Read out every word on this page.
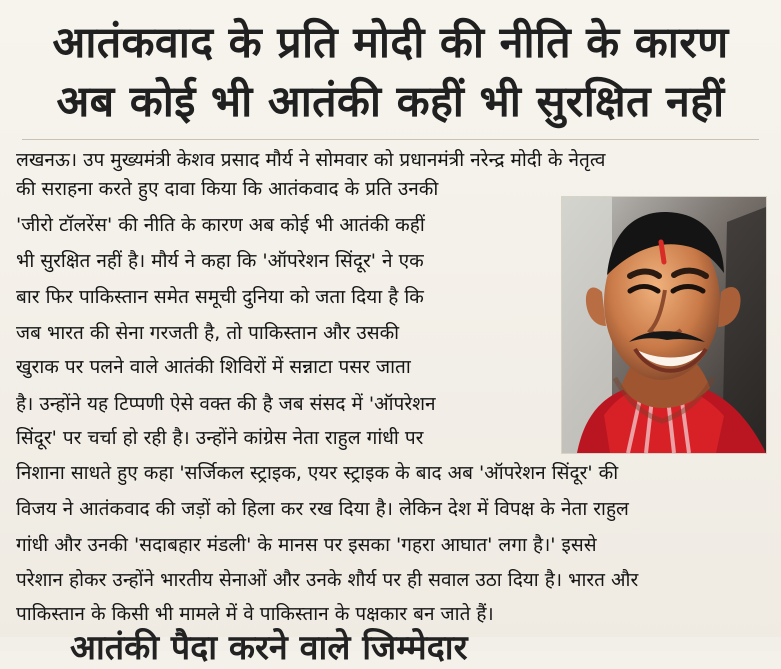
आतंकवाद के प्रति मोदी की नीति के कारण
अब कोई भी आतंकी कहीं भी सुरक्षित नहीं
लखनऊ। उप मुख्यमंत्री केशव प्रसाद मौर्य ने सोमवार को प्रधानमंत्री नरेन्द्र मोदी के नेतृत्व
की सराहना करते हुए दावा किया कि आतंकवाद के प्रति उनकी
'जीरो टॉलरेंस' की नीति के कारण अब कोई भी आतंकी कहीं
भी सुरक्षित नहीं है। मौर्य ने कहा कि 'ऑपरेशन सिंदूर' ने एक
बार फिर पाकिस्तान समेत समूची दुनिया को जता दिया है कि
जब भारत की सेना गरजती है, तो पाकिस्तान और उसकी
खुराक पर पलने वाले आतंकी शिविरों में सन्नाटा पसर जाता
है। उन्होंने यह टिप्पणी ऐसे वक्त की है जब संसद में 'ऑपरेशन
सिंदूर' पर चर्चा हो रही है। उन्होंने कांग्रेस नेता राहुल गांधी पर
निशाना साधते हुए कहा 'सर्जिकल स्ट्राइक, एयर स्ट्राइक के बाद अब 'ऑपरेशन सिंदूर' की
विजय ने आतंकवाद की जड़ों को हिला कर रख दिया है। लेकिन देश में विपक्ष के नेता राहुल
गांधी और उनकी 'सदाबहार मंडली' के मानस पर इसका 'गहरा आघात' लगा है।' इससे
परेशान होकर उन्होंने भारतीय सेनाओं और उनके शौर्य पर ही सवाल उठा दिया है। भारत और
पाकिस्तान के किसी भी मामले में वे पाकिस्तान के पक्षकार बन जाते हैं।
आतंकी पैदा करने वाले जिम्मेदार
